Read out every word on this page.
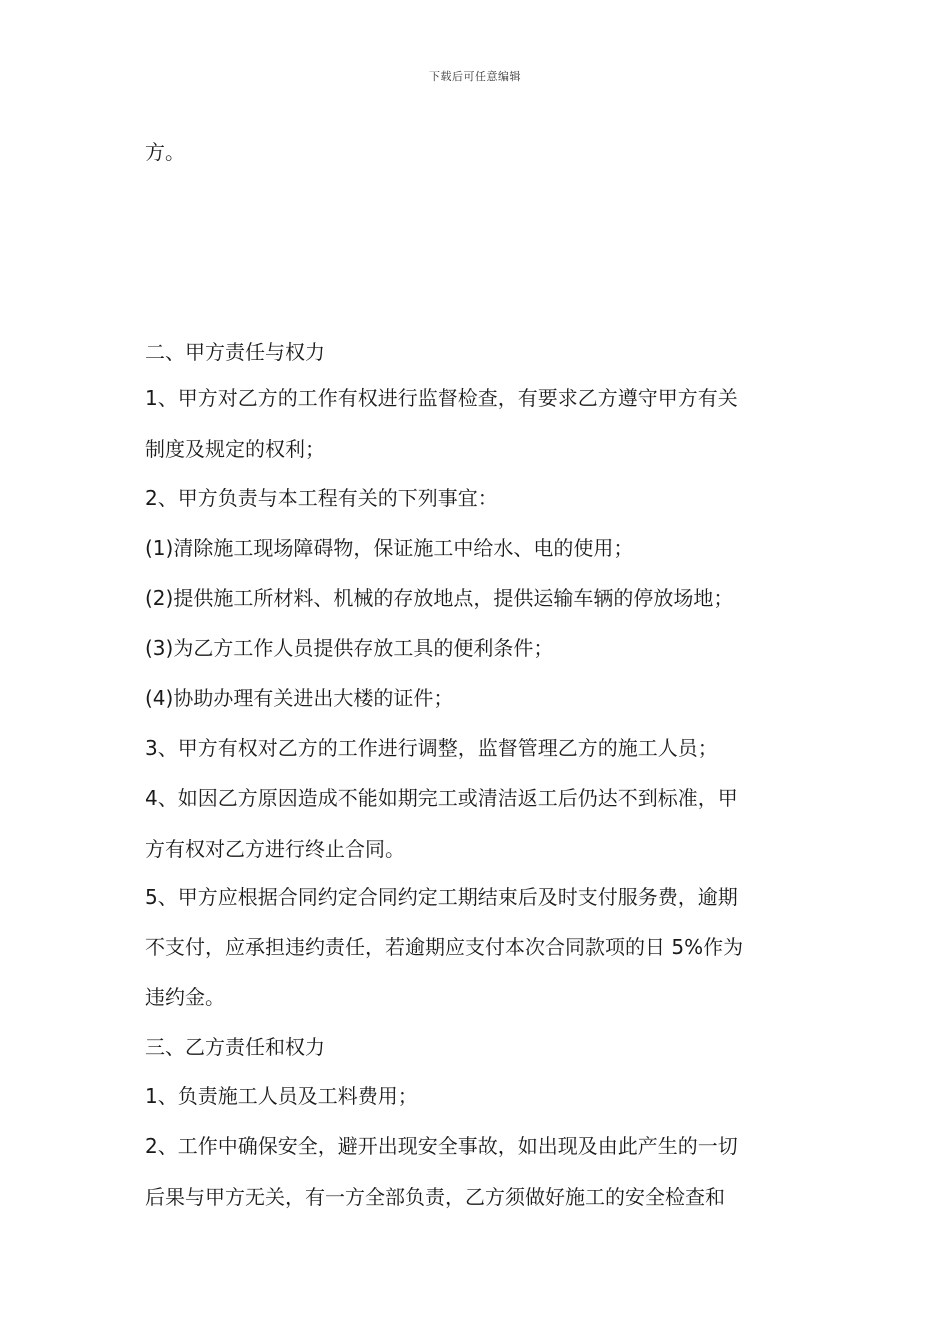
下载后可任意编辑
方。
二、甲方责任与权力
1、甲方对乙方的工作有权进行监督检查，有要求乙方遵守甲方有关
制度及规定的权利；
2、甲方负责与本工程有关的下列事宜：
(1)清除施工现场障碍物，保证施工中给水、电的使用；
(2)提供施工所材料、机械的存放地点，提供运输车辆的停放场地；
(3)为乙方工作人员提供存放工具的便利条件；
(4)协助办理有关进出大楼的证件；
3、甲方有权对乙方的工作进行调整，监督管理乙方的施工人员；
4、如因乙方原因造成不能如期完工或清洁返工后仍达不到标准，甲
方有权对乙方进行终止合同。
5、甲方应根据合同约定合同约定工期结束后及时支付服务费，逾期
不支付，应承担违约责任，若逾期应支付本次合同款项的日 5%作为
违约金。
三、乙方责任和权力
1、负责施工人员及工料费用；
2、工作中确保安全，避开出现安全事故，如出现及由此产生的一切
后果与甲方无关，有一方全部负责，乙方须做好施工的安全检查和
